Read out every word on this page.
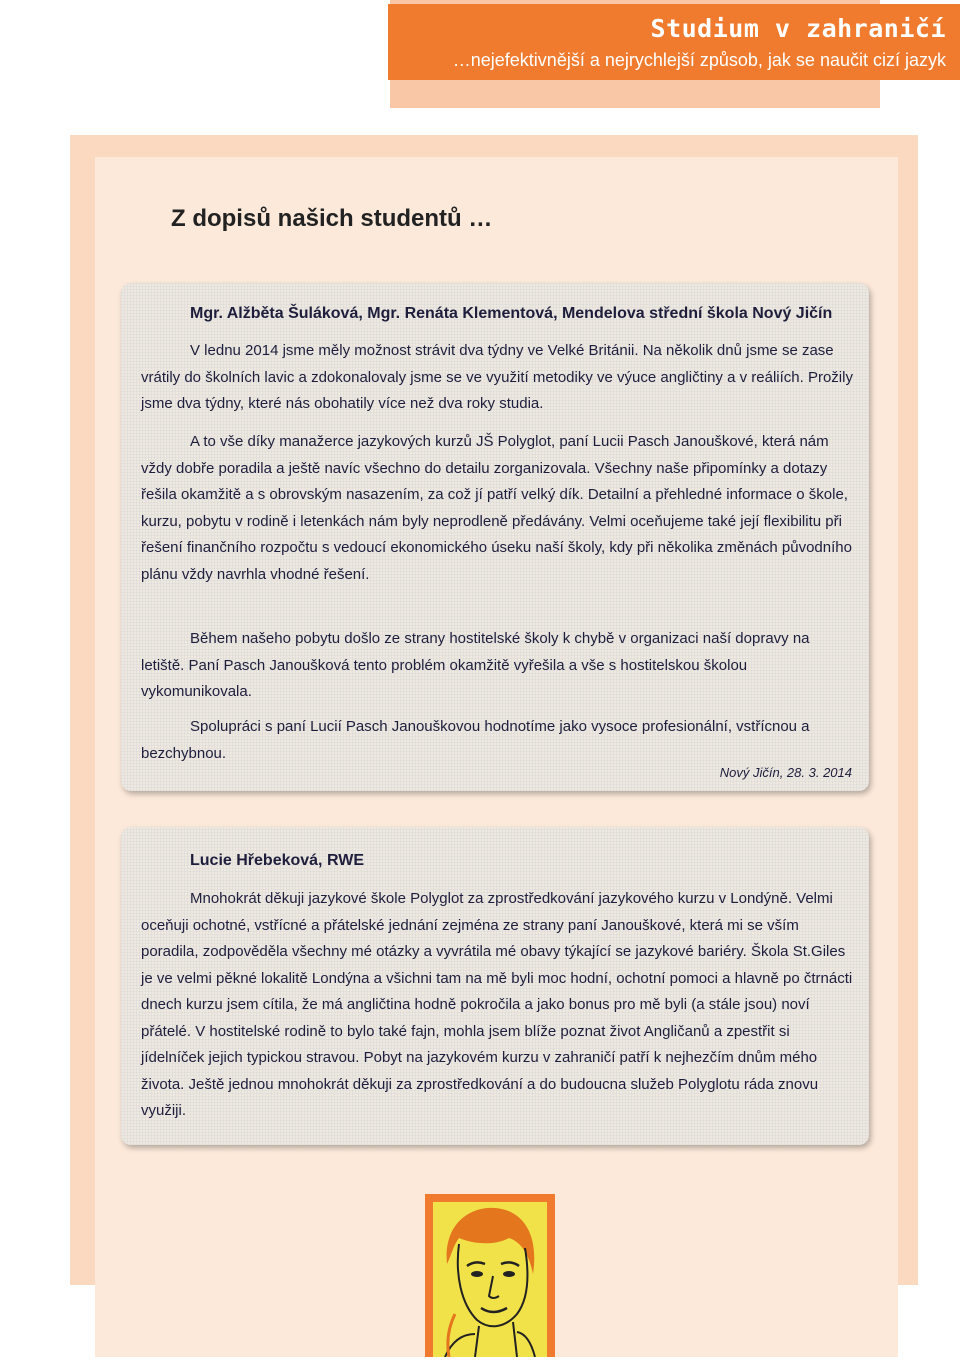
Studium v zahraničí
…nejefektivnější a nejrychlejší způsob, jak se naučit cizí jazyk
Z dopisů našich studentů …
Mgr. Alžběta Šuláková, Mgr. Renáta Klementová, Mendelova střední škola Nový Jičín

V lednu 2014 jsme měly možnost strávit dva týdny ve Velké Británii. Na několik dnů jsme se zase vrátily do školních lavic a zdokonalovaly jsme se ve využití metodiky ve výuce angličtiny a v reáliích. Prožily jsme dva týdny, které nás obohatily více než dva roky studia.

A to vše díky manažerce jazykových kurzů JŠ Polyglot, paní Lucii Pasch Janouškové, která nám vždy dobře poradila a ještě navíc všechno do detailu zorganizovala. Všechny naše připomínky a dotazy řešila okamžitě a s obrovským nasazením, za což jí patří velký dík. Detailní a přehledné informace o škole, kurzu, pobytu v rodině i letenkách nám byly neprodleně předávány. Velmi oceňujeme také její flexibilitu při řešení finančního rozpočtu s vedoucí ekonomického úseku naší školy, kdy při několika změnách původního plánu vždy navrhla vhodné řešení.

Během našeho pobytu došlo ze strany hostitelské školy k chybě v organizaci naší dopravy na letiště. Paní Pasch Janoušková tento problém okamžitě vyřešila a vše s hostitelskou školou vykomunikovala.

Spolupráci s paní Lucií Pasch Janouškovou hodnotíme jako vysoce profesionální, vstřícnou a bezchybnou.

Nový Jičín, 28. 3. 2014
Lucie Hřebeková, RWE

Mnohokrát děkuji jazykové škole Polyglot za zprostředkování jazykového kurzu v Londýně. Velmi oceňuji ochotné, vstřícné a přátelské jednání zejména ze strany paní Janouškové, která mi se vším poradila, zodpověděla všechny mé otázky a vyvrátila mé obavy týkající se jazykové bariéry. Škola St.Giles je ve velmi pěkné lokalitě Londýna a všichni tam na mě byli moc hodní, ochotní pomoci a hlavně po čtrnácti dnech kurzu jsem cítila, že má angličtina hodně pokročila a jako bonus pro mě byli (a stále jsou) noví přátelé. V hostitelské rodině to bylo také fajn, mohla jsem blíže poznat život Angličanů a zpestřit si jídelníček jejich typickou stravou. Pobyt na jazykovém kurzu v zahraničí patří k nejhezčím dnům mého života. Ještě jednou mnohokrát děkuji za zprostředkování a do budoucna služeb Polyglotu ráda znovu využiji.
